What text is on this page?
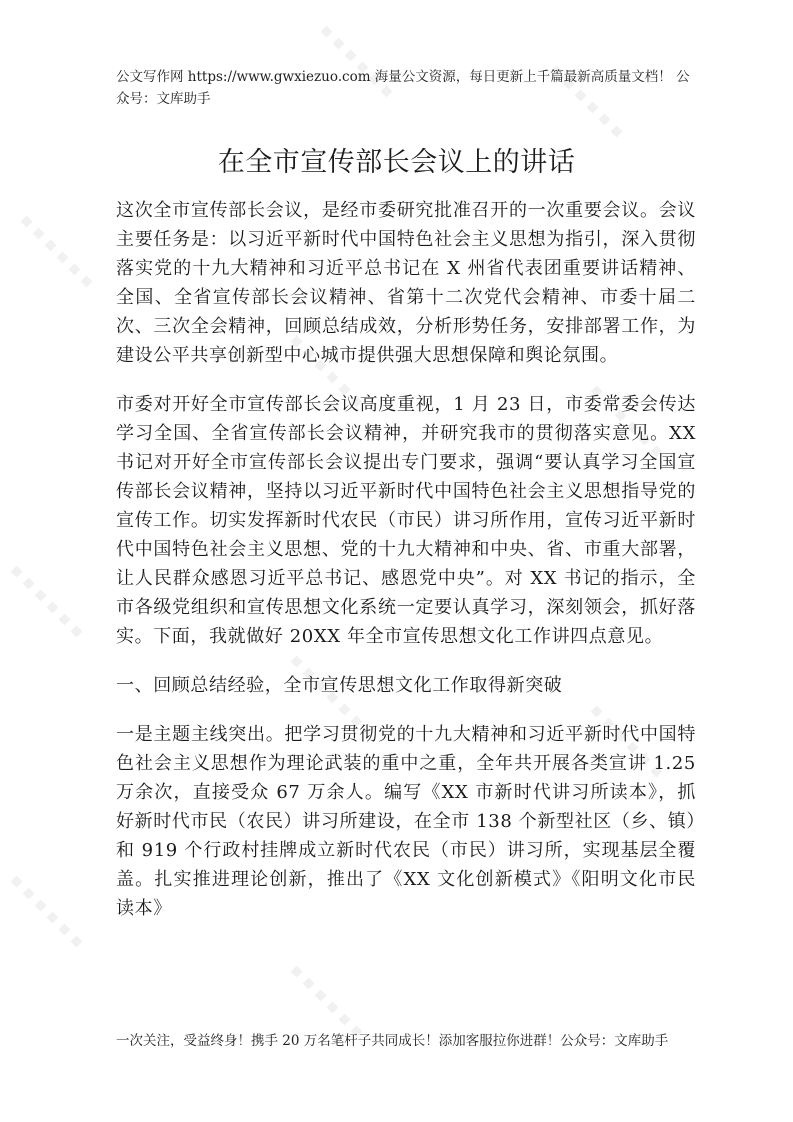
▪ ▪ ▪ ▪ ▪ ▪	▪ ▪ ▪ ▪ ▪ ▪
▪ ▪ ▪ ▪ ▪ ▪
▪ ▪ ▪ ▪ ▪ ▪
▪ ▪ ▪ ▪ ▪ ▪
▪ ▪ ▪ ▪ ▪ ▪
▪ ▪ ▪ ▪ ▪ ▪
▪ ▪ ▪ ▪ ▪ ▪
▪ ▪ ▪ ▪ ▪ ▪
▪ ▪ ▪ ▪ ▪ ▪
公文写作网 https://www.gwxiezuo.com 海量公文资源，每日更新上千篇最新高质量文档！ 公众号：文库助手
在全市宣传部长会议上的讲话

这次全市宣传部长会议，是经市委研究批准召开的一次重要会议。会议主要任务是：以习近平新时代中国特色社会主义思想为指引，深入贯彻落实党的十九大精神和习近平总书记在 X 州省代表团重要讲话精神、全国、全省宣传部长会议精神、省第十二次党代会精神、市委十届二次、三次全会精神，回顾总结成效，分析形势任务，安排部署工作，为建设公平共享创新型中心城市提供强大思想保障和舆论氛围。

市委对开好全市宣传部长会议高度重视，1 月 23 日，市委常委会传达学习全国、全省宣传部长会议精神，并研究我市的贯彻落实意见。XX 书记对开好全市宣传部长会议提出专门要求，强调“要认真学习全国宣传部长会议精神，坚持以习近平新时代中国特色社会主义思想指导党的宣传工作。切实发挥新时代农民（市民）讲习所作用，宣传习近平新时代中国特色社会主义思想、党的十九大精神和中央、省、市重大部署，让人民群众感恩习近平总书记、感恩党中央”。对 XX 书记的指示，全市各级党组织和宣传思想文化系统一定要认真学习，深刻领会，抓好落实。下面，我就做好 20XX 年全市宣传思想文化工作讲四点意见。

一、回顾总结经验，全市宣传思想文化工作取得新突破

一是主题主线突出。把学习贯彻党的十九大精神和习近平新时代中国特色社会主义思想作为理论武装的重中之重，全年共开展各类宣讲 1.25 万余次，直接受众 67 万余人。编写《XX 市新时代讲习所读本》，抓好新时代市民（农民）讲习所建设，在全市 138 个新型社区（乡、镇）和 919 个行政村挂牌成立新时代农民（市民）讲习所，实现基层全覆盖。扎实推进理论创新，推出了《XX 文化创新模式》《阳明文化市民读本》

一次关注，受益终身！携手 20 万名笔杆子共同成长！添加客服拉你进群！公众号：文库助手
